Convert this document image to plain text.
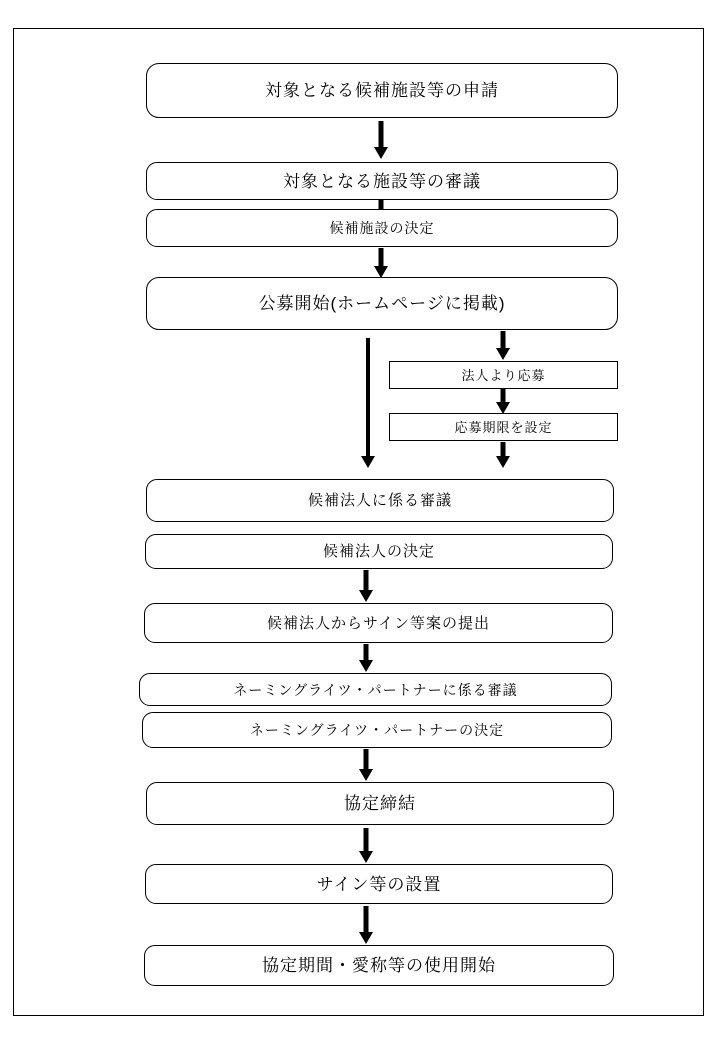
対象となる候補施設等の申請
対象となる施設等の審議
候補施設の決定
公募開始(ホームページに掲載)
法人より応募
応募期限を設定
候補法人に係る審議
候補法人の決定
候補法人からサイン等案の提出
ネーミングライツ・パートナーに係る審議
ネーミングライツ・パートナーの決定
協定締結
サイン等の設置
協定期間・愛称等の使用開始
